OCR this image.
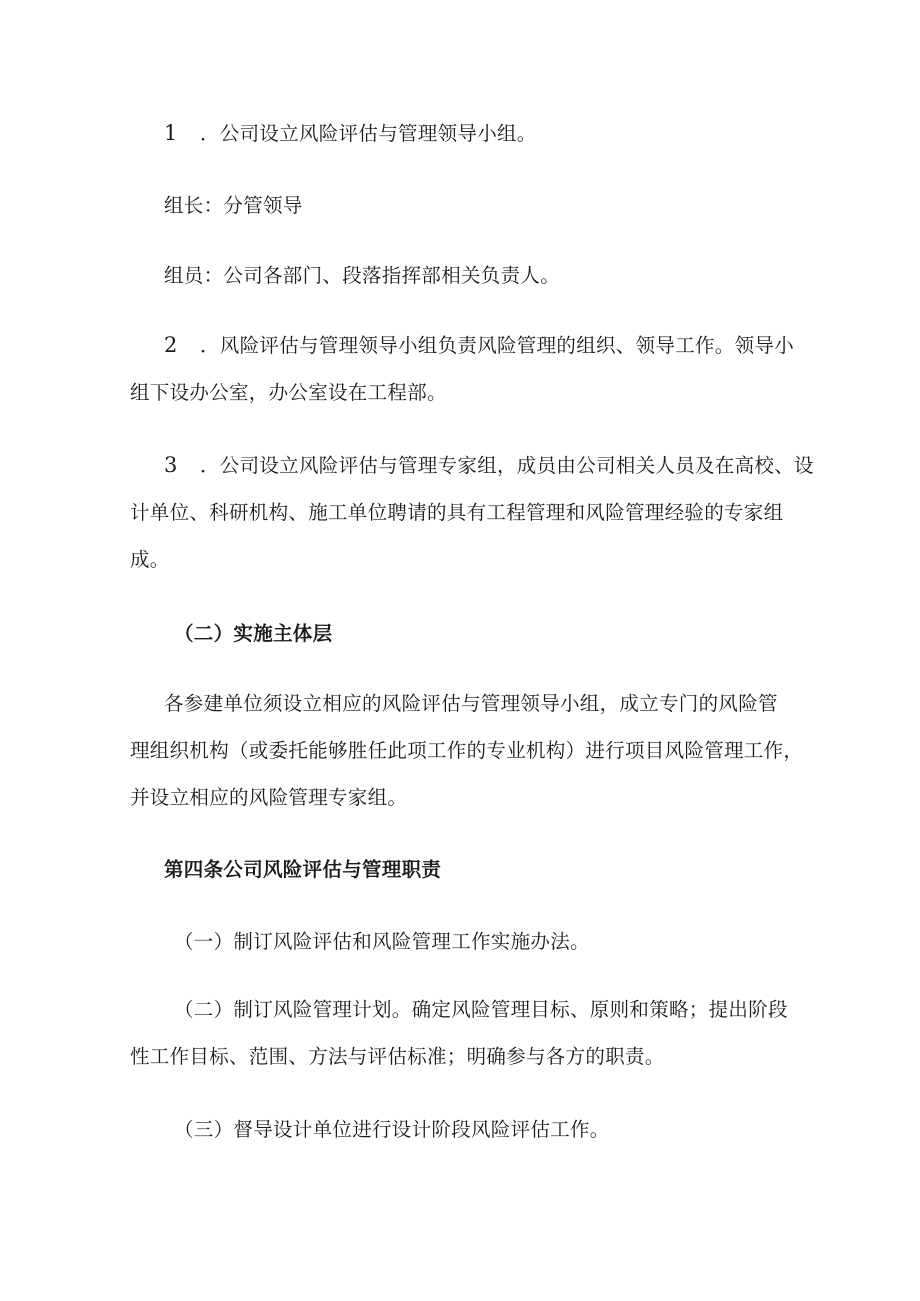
1 ．公司设立风险评估与管理领导小组。

组长：分管领导

组员：公司各部门、段落指挥部相关负责人。

2 ．风险评估与管理领导小组负责风险管理的组织、领导工作。领导小
组下设办公室，办公室设在工程部。

3 ．公司设立风险评估与管理专家组，成员由公司相关人员及在高校、设
计单位、科研机构、施工单位聘请的具有工程管理和风险管理经验的专家组
成。

（二）实施主体层

各参建单位须设立相应的风险评估与管理领导小组，成立专门的风险管
理组织机构（或委托能够胜任此项工作的专业机构）进行项目风险管理工作，
并设立相应的风险管理专家组。

第四条公司风险评估与管理职责

（一）制订风险评估和风险管理工作实施办法。

（二）制订风险管理计划。确定风险管理目标、原则和策略；提出阶段
性工作目标、范围、方法与评估标准；明确参与各方的职责。

（三）督导设计单位进行设计阶段风险评估工作。
